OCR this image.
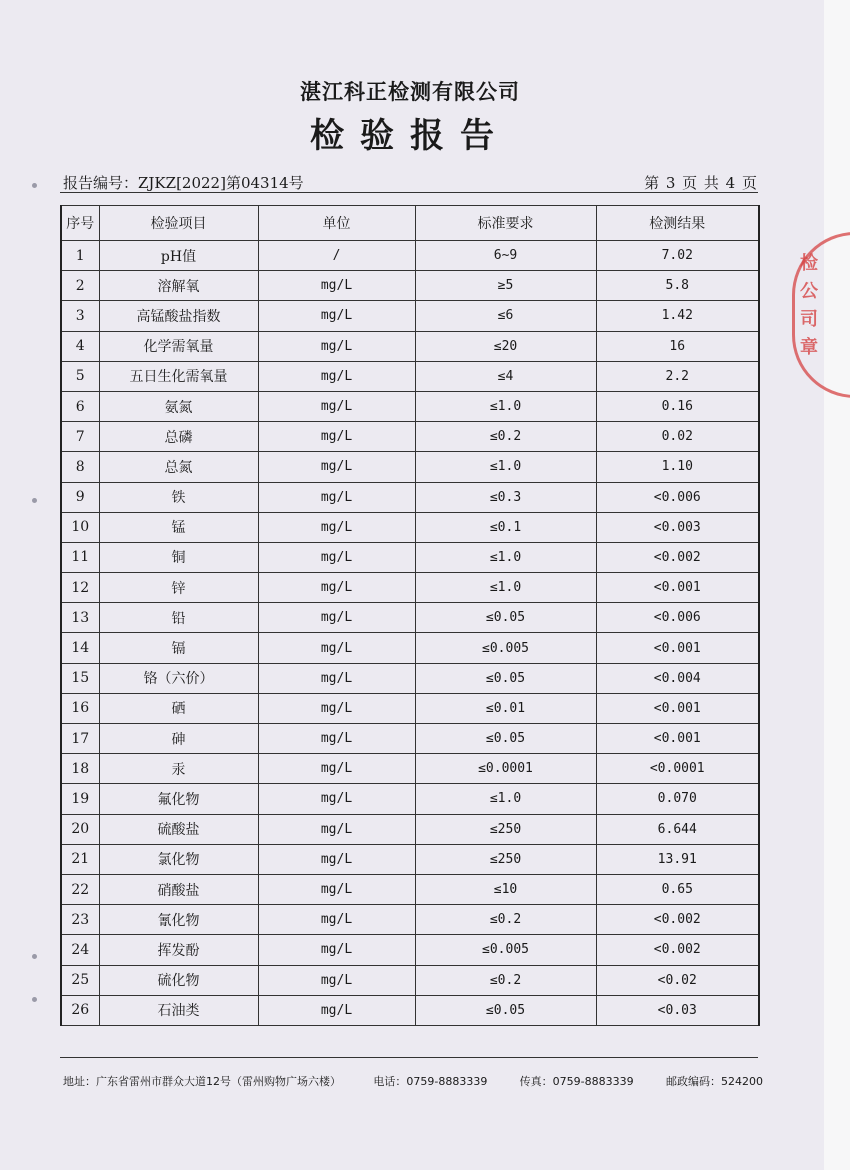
湛江科正检测有限公司
检验报告
报告编号：ZJKZ[2022]第04314号	第 3 页 共 4 页
序号	检验项目	单位	标准要求	检测结果
1	pH值	/	6~9	7.02
2	溶解氧	mg/L	≥5	5.8
3	高锰酸盐指数	mg/L	≤6	1.42
4	化学需氧量	mg/L	≤20	16
5	五日生化需氧量	mg/L	≤4	2.2
6	氨氮	mg/L	≤1.0	0.16
7	总磷	mg/L	≤0.2	0.02
8	总氮	mg/L	≤1.0	1.10
9	铁	mg/L	≤0.3	<0.006
10	锰	mg/L	≤0.1	<0.003
11	铜	mg/L	≤1.0	<0.002
12	锌	mg/L	≤1.0	<0.001
13	铅	mg/L	≤0.05	<0.006
14	镉	mg/L	≤0.005	<0.001
15	铬（六价）	mg/L	≤0.05	<0.004
16	硒	mg/L	≤0.01	<0.001
17	砷	mg/L	≤0.05	<0.001
18	汞	mg/L	≤0.0001	<0.0001
19	氟化物	mg/L	≤1.0	0.070
20	硫酸盐	mg/L	≤250	6.644
21	氯化物	mg/L	≤250	13.91
22	硝酸盐	mg/L	≤10	0.65
23	氰化物	mg/L	≤0.2	<0.002
24	挥发酚	mg/L	≤0.005	<0.002
25	硫化物	mg/L	≤0.2	<0.02
26	石油类	mg/L	≤0.05	<0.03
地址：广东省雷州市群众大道12号（雷州购物广场六楼）	电话：0759-8883339	传真：0759-8883339	邮政编码：524200
检
公司
章
